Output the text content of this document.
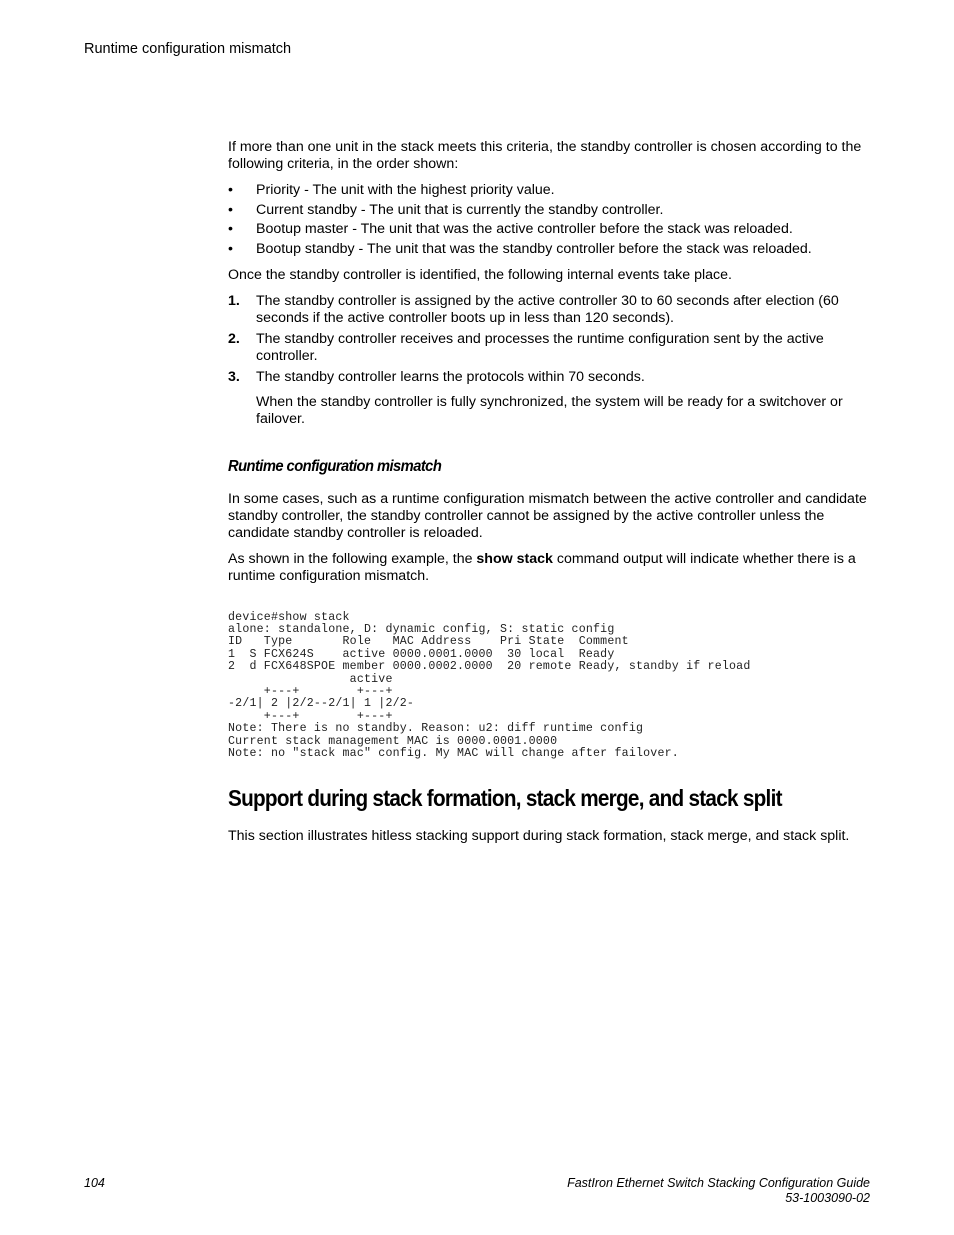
Runtime configuration mismatch

If more than one unit in the stack meets this criteria, the standby controller is chosen according to the following criteria, in the order shown:

• Priority - The unit with the highest priority value.
• Current standby - The unit that is currently the standby controller.
• Bootup master - The unit that was the active controller before the stack was reloaded.
• Bootup standby - The unit that was the standby controller before the stack was reloaded.

Once the standby controller is identified, the following internal events take place.

1. The standby controller is assigned by the active controller 30 to 60 seconds after election (60 seconds if the active controller boots up in less than 120 seconds).
2. The standby controller receives and processes the runtime configuration sent by the active controller.
3. The standby controller learns the protocols within 70 seconds.

When the standby controller is fully synchronized, the system will be ready for a switchover or failover.

Runtime configuration mismatch

In some cases, such as a runtime configuration mismatch between the active controller and candidate standby controller, the standby controller cannot be assigned by the active controller unless the candidate standby controller is reloaded.

As shown in the following example, the show stack command output will indicate whether there is a runtime configuration mismatch.

device#show stack
alone: standalone, D: dynamic config, S: static config
ID   Type       Role   MAC Address    Pri State  Comment
1  S FCX624S    active 0000.0001.0000  30 local  Ready
2  d FCX648SPOE member 0000.0002.0000  20 remote Ready, standby if reload
active
+---+        +---+
-2/1| 2 |2/2--2/1| 1 |2/2-
+---+        +---+
Note: There is no standby. Reason: u2: diff runtime config
Current stack management MAC is 0000.0001.0000
Note: no "stack mac" config. My MAC will change after failover.
Support during stack formation, stack merge, and stack split

This section illustrates hitless stacking support during stack formation, stack merge, and stack split.

104	FastIron Ethernet Switch Stacking Configuration Guide
53-1003090-02
